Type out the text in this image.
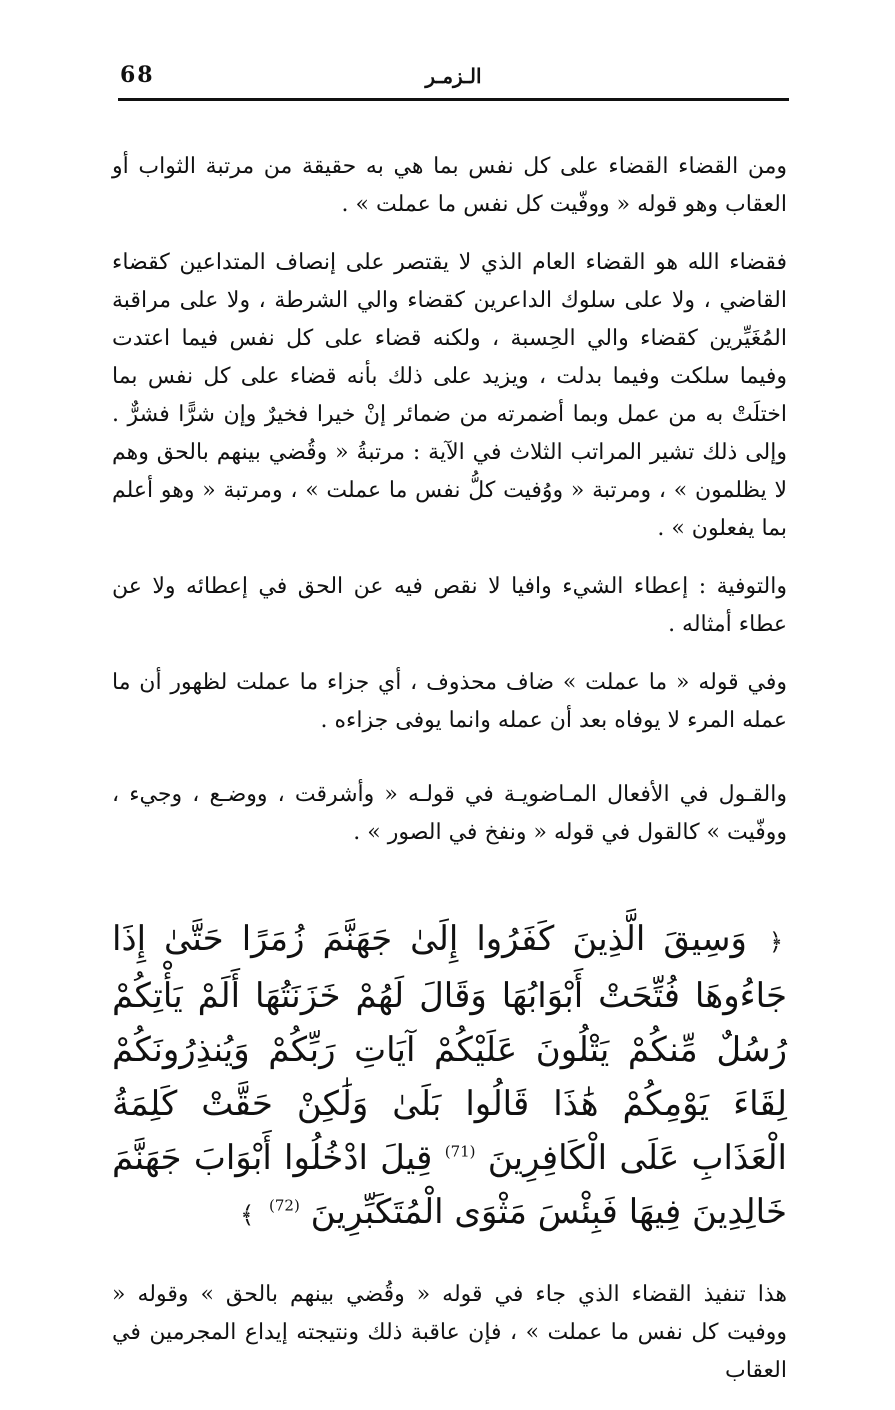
68	الـزمـر

ومن القضاء القضاء على كل نفس بما هي به حقيقة من مرتبة الثواب أو العقاب وهو قوله « ووفّيت كل نفس ما عملت » .

فقضاء الله هو القضاء العام الذي لا يقتصر على إنصاف المتداعين كقضاء القاضي ، ولا على سلوك الداعرين كقضاء والي الشرطة ، ولا على مراقبة المُغَيِّرين كقضاء والي الحِسبة ، ولكنه قضاء على كل نفس فيما اعتدت وفيما سلكت وفيما بدلت ، ويزيد على ذلك بأنه قضاء على كل نفس بما اختلَتْ به من عمل وبما أضمرته من ضمائر إنْ خيرا فخيرٌ وإن شرًّا فشرٌّ . وإلى ذلك تشير المراتب الثلاث في الآية : مرتبةُ « وقُضي بينهم بالحق وهم لا يظلمون » ، ومرتبة « ووُفيت كلُّ نفس ما عملت » ، ومرتبة « وهو أعلم بما يفعلون » .

والتوفية : إعطاء الشيء وافيا لا نقص فيه عن الحق في إعطائه ولا عن عطاء أمثاله .

وفي قوله « ما عملت » ضاف محذوف ، أي جزاء ما عملت لظهور أن ما عمله المرء لا يوفاه بعد أن عمله وانما يوفى جزاءه .

والقـول في الأفعال المـاضويـة في قولـه « وأشرقت ، ووضـع ، وجيء ، ووفّيت » كالقول في قوله « ونفخ في الصور » .

﴿ وَسِيقَ الَّذِينَ كَفَرُوا إِلَىٰ جَهَنَّمَ زُمَرًا حَتَّىٰ إِذَا جَاءُوهَا فُتِّحَتْ أَبْوَابُهَا وَقَالَ لَهُمْ خَزَنَتُهَا أَلَمْ يَأْتِكُمْ رُسُلٌ مِّنكُمْ يَتْلُونَ عَلَيْكُمْ آيَاتِ رَبِّكُمْ وَيُنذِرُونَكُمْ لِقَاءَ يَوْمِكُمْ هَٰذَا قَالُوا بَلَىٰ وَلَٰكِنْ حَقَّتْ كَلِمَةُ الْعَذَابِ عَلَى الْكَافِرِينَ $^{(71)}$ قِيلَ ادْخُلُوا أَبْوَابَ جَهَنَّمَ خَالِدِينَ فِيهَا فَبِئْسَ مَثْوَى الْمُتَكَبِّرِينَ $^{(72)}$ ﴾

هذا تنفيذ القضاء الذي جاء في قوله « وقُضي بينهم بالحق » وقوله « ووفيت كل نفس ما عملت » ، فإن عاقبة ذلك ونتيجته إيداع المجرمين في العقاب
